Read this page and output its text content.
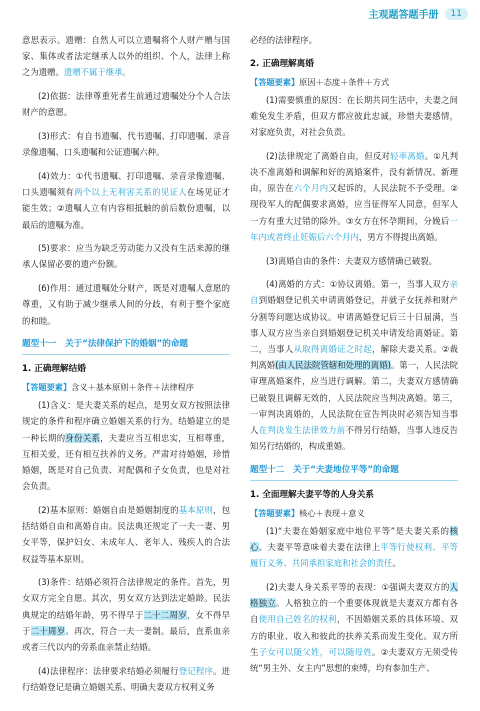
主观题答题手册	11

意思表示。遗赠：自然人可以立遗嘱将个人财产赠与国家、集体或者法定继承人以外的组织、个人，法律上称之为遗赠。遗赠不属于继承。

(2)依据：法律尊重死者生前通过遗嘱处分个人合法财产的意愿。

(3)形式：有自书遗嘱、代书遗嘱、打印遗嘱、录音录像遗嘱、口头遗嘱和公证遗嘱六种。

(4)效力：①代书遗嘱、打印遗嘱、录音录像遗嘱、口头遗嘱须有两个以上无利害关系的见证人在场见证才能生效；②遗嘱人立有内容相抵触的前后数份遗嘱，以最后的遗嘱为准。

(5)要求：应当为缺乏劳动能力又没有生活来源的继承人保留必要的遗产份额。

(6)作用：通过遗嘱处分财产，既是对遗嘱人意愿的尊重，又有助于减少继承人间的分歧，有利于整个家庭的和睦。

题型十一　 关于“法律保护下的婚姻”的命题
1. 正确理解结婚
【 答题要素 】 含义＋基本原则＋条件＋法律程序

(1)含义：是夫妻关系的起点，是男女双方按照法律规定的条件和程序确立婚姻关系的行为。结婚建立的是一种长期的身份关系，夫妻应当互相忠实，互相尊重，互相关爱，还有相互扶养的义务。严肃对待婚姻，珍惜婚姻，既是对自己负责、对配偶和子女负责，也是对社会负责。

(2)基本原则：婚姻自由是婚姻制度的基本原则，包括结婚自由和离婚自由。民法典还规定了一夫一妻、男女平等，保护妇女、未成年人、老年人、残疾人的合法权益等基本原则。

(3)条件：结婚必须符合法律规定的条件。首先，男女双方完全自愿。其次，男女双方达到法定婚龄。民法典规定的结婚年龄，男不得早于二十二周岁，女不得早于二十周岁。再次，符合一夫一妻制。最后，直系血亲或者三代以内的旁系血亲禁止结婚。

(4)法律程序：法律要求结婚必须履行登记程序。进行结婚登记是确立婚姻关系、明确夫妻双方权利义务

必经的法律程序。

2. 正确理解离婚
【 答题要素 】 原因＋态度＋条件＋方式

(1)需要慎重的原因：在长期共同生活中，夫妻之间难免发生矛盾，但双方都应彼此忠诚，珍惜夫妻感情，对家庭负责，对社会负责。

(2)法律规定了离婚自由，但反对轻率离婚。①凡判决不准离婚和调解和好的离婚案件，没有新情况、新理由，原告在六个月内又起诉的，人民法院不予受理。②现役军人的配偶要求离婚，应当征得军人同意，但军人一方有重大过错的除外。③女方在怀孕期间，分娩后一年内或者终止妊娠后六个月内，男方不得提出离婚。

(3)离婚自由的条件：夫妻双方感情确已破裂。

(4)离婚的方式：①协议离婚。第一，当事人双方亲自到婚姻登记机关申请离婚登记，并就子女抚养和财产分割等问题达成协议。申请离婚登记后三十日届满，当事人双方应当亲自到婚姻登记机关申请发给离婚证。第二，当事人从取得离婚证之时起，解除夫妻关系。②裁判离婚(由人民法院管辖和处理的离婚)。第一，人民法院审理离婚案件，应当进行调解。第二，夫妻双方感情确已破裂且调解无效的，人民法院应当判决离婚。第三，一审判决离婚的，人民法院在宣告判决时必须告知当事人在判决发生法律效力前不得另行结婚，当事人违反告知另行结婚的，构成重婚。

题型十二　 关于“夫妻地位平等”的命题
1. 全面理解夫妻平等的人身关系
【 答题要素 】 核心＋表现＋意义

(1)“夫妻在婚姻家庭中地位平等”是夫妻关系的核心。夫妻平等意味着夫妻在法律上平等行使权利、平等履行义务、共同承担家庭和社会的责任。

(2)夫妻人身关系平等的表现：①强调夫妻双方的人格独立。人格独立的一个重要体现就是夫妻双方都有各自使用自己姓名的权利，不因婚姻关系的具体环境、双方的职业、收入和彼此的扶养关系而发生变化。双方所生子女可以随父姓，可以随母姓。②夫妻双方无须受传统“男主外、女主内”思想的束缚，均有参加生产、
